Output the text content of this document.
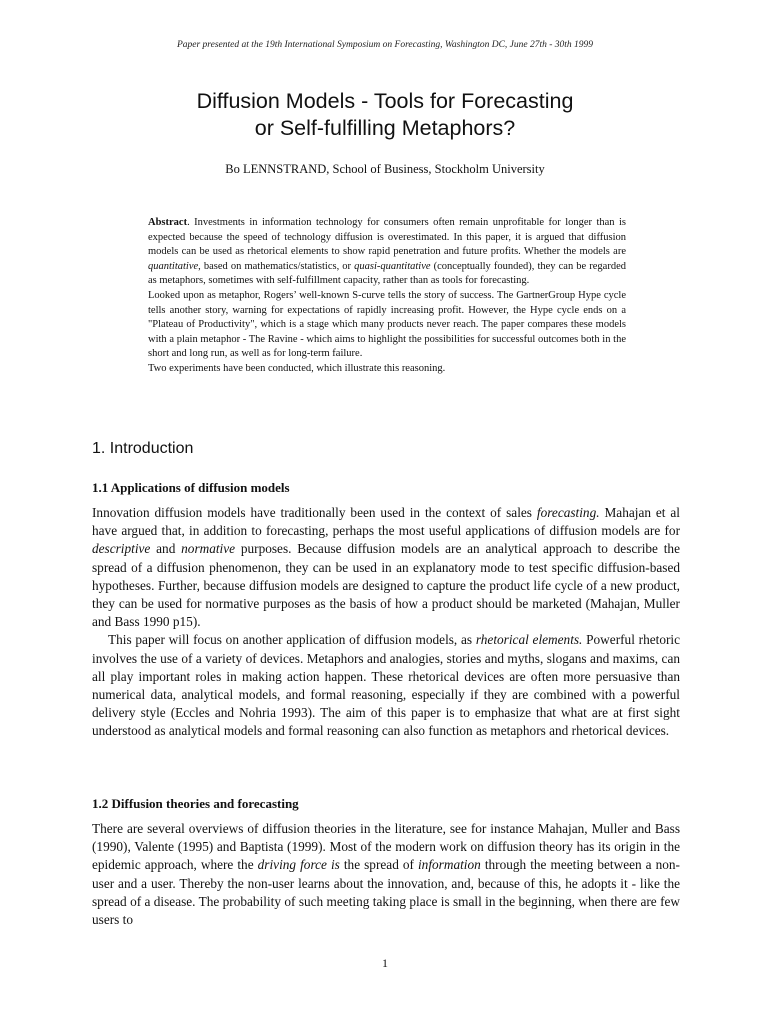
Paper presented at the 19th International Symposium on Forecasting, Washington DC, June 27th - 30th 1999
Diffusion Models - Tools for Forecasting
or Self-fulfilling Metaphors?
Bo LENNSTRAND, School of Business, Stockholm University

Abstract. Investments in information technology for consumers often remain unprofitable for longer than is expected because the speed of technology diffusion is overestimated. In this paper, it is argued that diffusion models can be used as rhetorical elements to show rapid penetration and future profits. Whether the models are quantitative, based on mathematics/statistics, or quasi-quantitative (conceptually founded), they can be regarded as metaphors, sometimes with self-fulfillment capacity, rather than as tools for forecasting.

Looked upon as metaphor, Rogers’ well-known S-curve tells the story of success. The GartnerGroup Hype cycle tells another story, warning for expectations of rapidly increasing profit. However, the Hype cycle ends on a "Plateau of Productivity", which is a stage which many products never reach. The paper compares these models with a plain metaphor - The Ravine - which aims to highlight the possibilities for successful outcomes both in the short and long run, as well as for long-term failure.

Two experiments have been conducted, which illustrate this reasoning.

1. Introduction
1.1 Applications of diffusion models

Innovation diffusion models have traditionally been used in the context of sales forecasting. Mahajan et al have argued that, in addition to forecasting, perhaps the most useful applications of diffusion models are for descriptive and normative purposes. Because diffusion models are an analytical approach to describe the spread of a diffusion phenomenon, they can be used in an explanatory mode to test specific diffusion-based hypotheses. Further, because diffusion models are designed to capture the product life cycle of a new product, they can be used for normative purposes as the basis of how a product should be marketed (Mahajan, Muller and Bass 1990 p15).

This paper will focus on another application of diffusion models, as rhetorical elements. Powerful rhetoric involves the use of a variety of devices. Metaphors and analogies, stories and myths, slogans and maxims, can all play important roles in making action happen. These rhetorical devices are often more persuasive than numerical data, analytical models, and formal reasoning, especially if they are combined with a powerful delivery style (Eccles and Nohria 1993). The aim of this paper is to emphasize that what are at first sight understood as analytical models and formal reasoning can also function as metaphors and rhetorical devices.

1.2 Diffusion theories and forecasting

There are several overviews of diffusion theories in the literature, see for instance Mahajan, Muller and Bass (1990), Valente (1995) and Baptista (1999). Most of the modern work on diffusion theory has its origin in the epidemic approach, where the driving force is the spread of information through the meeting between a non-user and a user. Thereby the non-user learns about the innovation, and, because of this, he adopts it - like the spread of a disease. The probability of such meeting taking place is small in the beginning, when there are few users to

1
